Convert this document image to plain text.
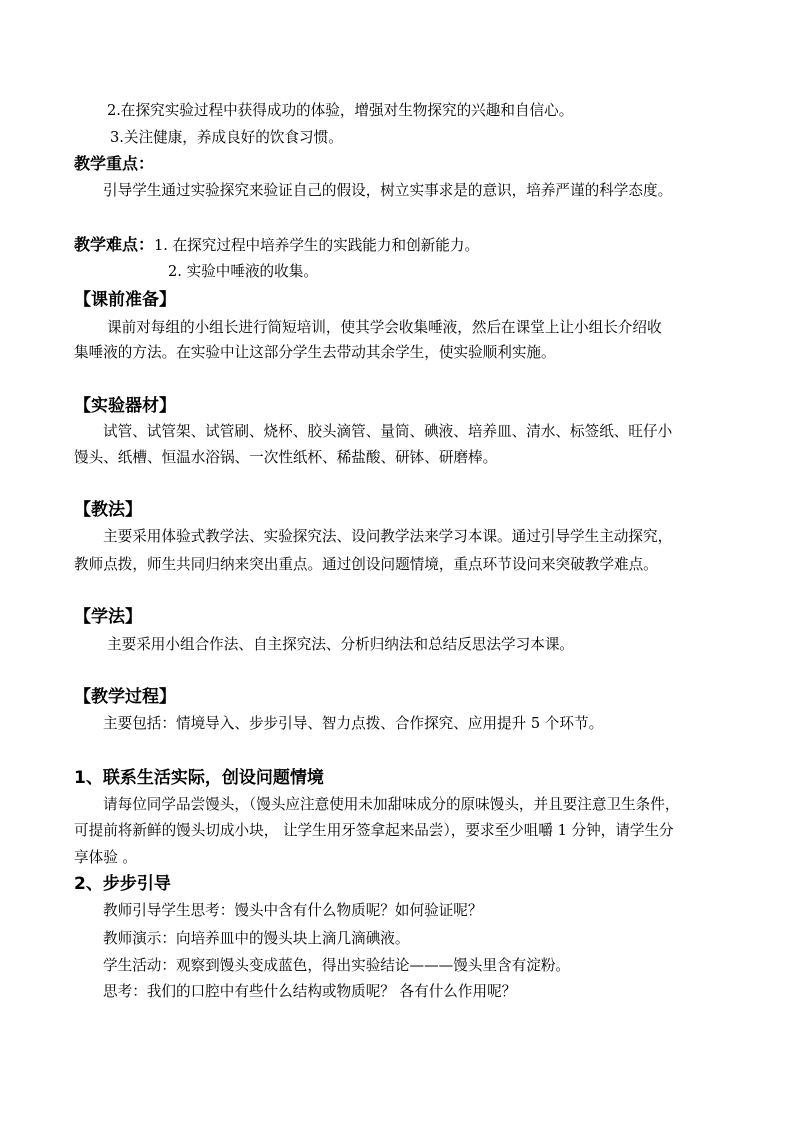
2.在探究实验过程中获得成功的体验，增强对生物探究的兴趣和自信心。
3.关注健康，养成良好的饮食习惯。
教学重点：
引导学生通过实验探究来验证自己的假设，树立实事求是的意识，培养严谨的科学态度。
教学难点：1. 在探究过程中培养学生的实践能力和创新能力。
2. 实验中唾液的收集。
【课前准备】
课前对每组的小组长进行简短培训，使其学会收集唾液，然后在课堂上让小组长介绍收
集唾液的方法。在实验中让这部分学生去带动其余学生，使实验顺利实施。
【实验器材】
试管、试管架、试管刷、烧杯、胶头滴管、量筒、碘液、培养皿、清水、标签纸、旺仔小
馒头、纸槽、恒温水浴锅、一次性纸杯、稀盐酸、研钵、研磨棒。
【教法】
主要采用体验式教学法、实验探究法、设问教学法来学习本课。通过引导学生主动探究，
教师点拨，师生共同归纳来突出重点。通过创设问题情境，重点环节设问来突破教学难点。
【学法】
主要采用小组合作法、自主探究法、分析归纳法和总结反思法学习本课。
【教学过程】
主要包括：情境导入、步步引导、智力点拨、合作探究、应用提升 5 个环节。
1、联系生活实际，创设问题情境
请每位同学品尝馒头，（馒头应注意使用未加甜味成分的原味馒头，并且要注意卫生条件，
可提前将新鲜的馒头切成小块， 让学生用牙签拿起来品尝），要求至少咀嚼 1 分钟，请学生分
享体验 。
2、步步引导
教师引导学生思考：馒头中含有什么物质呢？如何验证呢？
教师演示：向培养皿中的馒头块上滴几滴碘液。
学生活动：观察到馒头变成蓝色，得出实验结论———馒头里含有淀粉。
思考：我们的口腔中有些什么结构或物质呢？ 各有什么作用呢？
